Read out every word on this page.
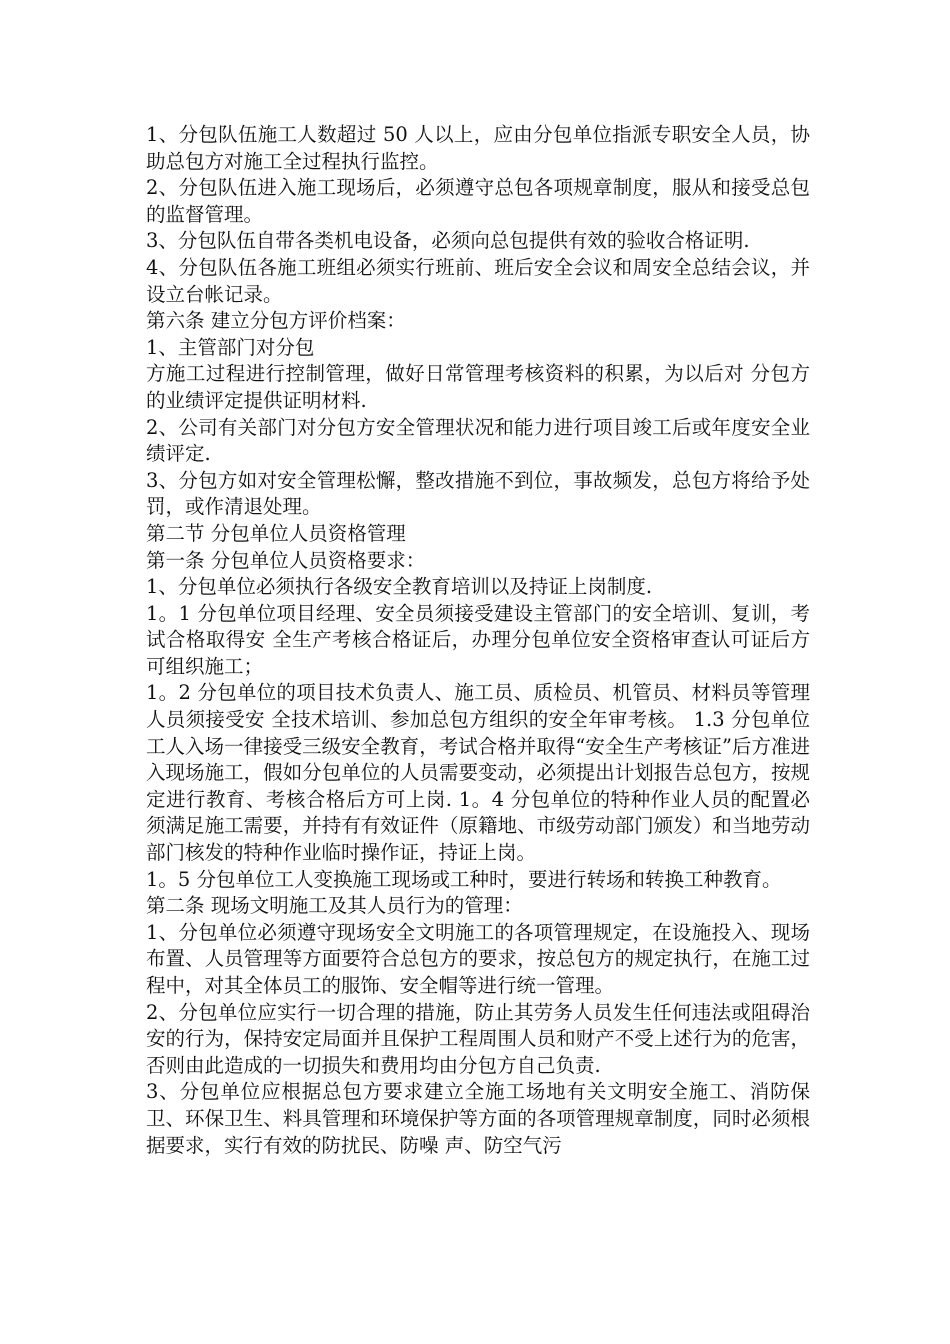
1、分包队伍施工人数超过 50 人以上，应由分包单位指派专职安全人员，协助总包方对施工全过程执行监控。

2、分包队伍进入施工现场后，必须遵守总包各项规章制度，服从和接受总包的监督管理。

3、分包队伍自带各类机电设备，必须向总包提供有效的验收合格证明.

4、分包队伍各施工班组必须实行班前、班后安全会议和周安全总结会议，并设立台帐记录。

第六条 建立分包方评价档案：

1、主管部门对分包

方施工过程进行控制管理，做好日常管理考核资料的积累，为以后对 分包方的业绩评定提供证明材料.

2、公司有关部门对分包方安全管理状况和能力进行项目竣工后或年度安全业绩评定.

3、分包方如对安全管理松懈，整改措施不到位，事故频发，总包方将给予处罚，或作清退处理。

第二节 分包单位人员资格管理

第一条 分包单位人员资格要求：

1、分包单位必须执行各级安全教育培训以及持证上岗制度.

1。1 分包单位项目经理、安全员须接受建设主管部门的安全培训、复训，考试合格取得安 全生产考核合格证后，办理分包单位安全资格审查认可证后方可组织施工；

1。2 分包单位的项目技术负责人、施工员、质检员、机管员、材料员等管理人员须接受安 全技术培训、参加总包方组织的安全年审考核。 1.3 分包单位工人入场一律接受三级安全教育，考试合格并取得“安全生产考核证”后方准进入现场施工，假如分包单位的人员需要变动，必须提出计划报告总包方，按规定进行教育、考核合格后方可上岗. 1。4 分包单位的特种作业人员的配置必须满足施工需要，并持有有效证件（原籍地、市级劳动部门颁发）和当地劳动部门核发的特种作业临时操作证，持证上岗。

1。5 分包单位工人变换施工现场或工种时，要进行转场和转换工种教育。

第二条 现场文明施工及其人员行为的管理：

1、分包单位必须遵守现场安全文明施工的各项管理规定，在设施投入、现场布置、人员管理等方面要符合总包方的要求，按总包方的规定执行，在施工过程中，对其全体员工的服饰、安全帽等进行统一管理。

2、分包单位应实行一切合理的措施，防止其劳务人员发生任何违法或阻碍治安的行为，保持安定局面并且保护工程周围人员和财产不受上述行为的危害，否则由此造成的一切损失和费用均由分包方自己负责.

3、分包单位应根据总包方要求建立全施工场地有关文明安全施工、消防保卫、环保卫生、料具管理和环境保护等方面的各项管理规章制度，同时必须根据要求，实行有效的防扰民、防噪 声、防空气污
